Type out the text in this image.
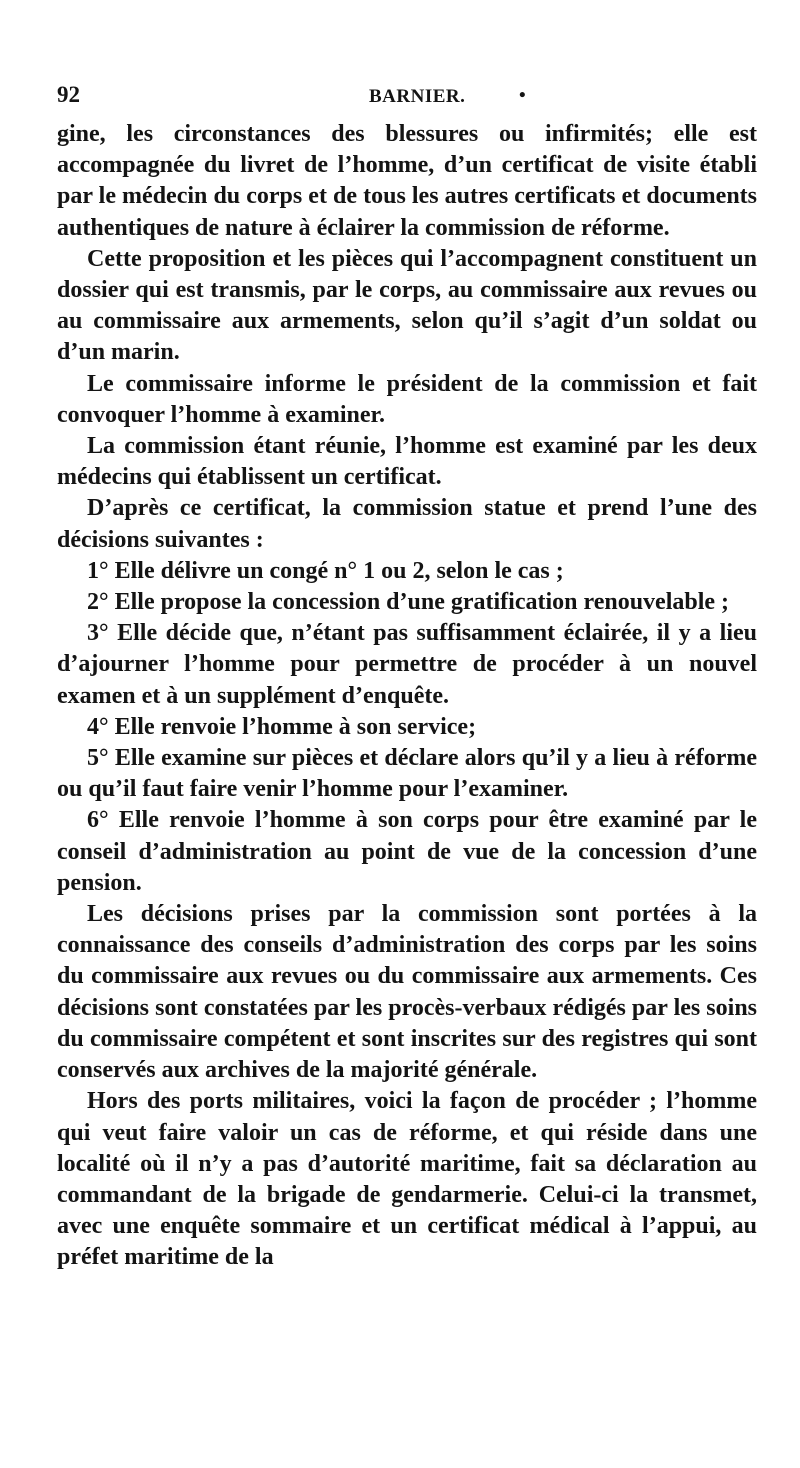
92	BARNIER.	•

gine, les circonstances des blessures ou infirmités; elle est accompagnée du livret de l’homme, d’un certificat de visite établi par le médecin du corps et de tous les autres certificats et documents authentiques de nature à éclairer la commission de réforme.

Cette proposition et les pièces qui l’accompagnent constituent un dossier qui est transmis, par le corps, au commissaire aux revues ou au commissaire aux armements, selon qu’il s’agit d’un soldat ou d’un marin.

Le commissaire informe le président de la commission et fait convoquer l’homme à examiner.

La commission étant réunie, l’homme est examiné par les deux médecins qui établissent un certificat.

D’après ce certificat, la commission statue et prend l’une des décisions suivantes :

1° Elle délivre un congé n° 1 ou 2, selon le cas ;

2° Elle propose la concession d’une gratification renouvelable ;

3° Elle décide que, n’étant pas suffisamment éclairée, il y a lieu d’ajourner l’homme pour permettre de procéder à un nouvel examen et à un supplément d’enquête.

4° Elle renvoie l’homme à son service;

5° Elle examine sur pièces et déclare alors qu’il y a lieu à réforme ou qu’il faut faire venir l’homme pour l’examiner.

6° Elle renvoie l’homme à son corps pour être examiné par le conseil d’administration au point de vue de la concession d’une pension.

Les décisions prises par la commission sont portées à la connaissance des conseils d’administration des corps par les soins du commissaire aux revues ou du commissaire aux armements. Ces décisions sont constatées par les procès-verbaux rédigés par les soins du commissaire compétent et sont inscrites sur des registres qui sont conservés aux archives de la majorité générale.

Hors des ports militaires, voici la façon de procéder ; l’homme qui veut faire valoir un cas de réforme, et qui réside dans une localité où il n’y a pas d’autorité maritime, fait sa déclaration au commandant de la brigade de gendarmerie. Celui-ci la transmet, avec une enquête sommaire et un certificat médical à l’appui, au préfet maritime de la
